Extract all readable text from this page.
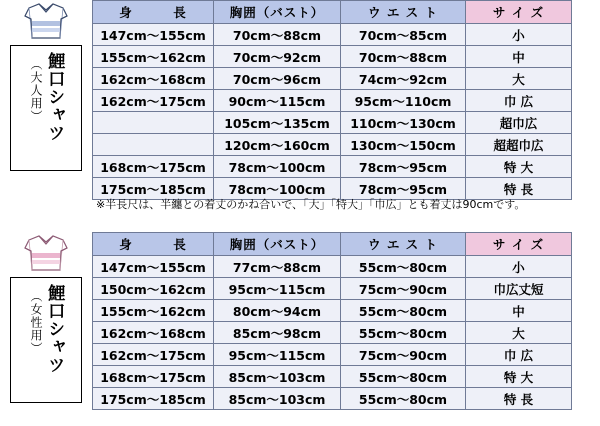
鯉口シャツ
（大人用）
身　　　長	胸囲（バスト）	ウ エ ス ト	サ イ ズ
147cm〜155cm	70cm〜88cm	70cm〜85cm	小
155cm〜162cm	70cm〜92cm	70cm〜88cm	中
162cm〜168cm	70cm〜96cm	74cm〜92cm	大
162cm〜175cm	90cm〜115cm	95cm〜110cm	巾 広
	105cm〜135cm	110cm〜130cm	超巾広
	120cm〜160cm	130cm〜150cm	超超巾広
168cm〜175cm	78cm〜100cm	78cm〜95cm	特 大
175cm〜185cm	78cm〜100cm	78cm〜95cm	特 長
※半長尺は、半纏との着丈のかね合いで、「大」「特大」「巾広」とも着丈は90cmです。
鯉口シャツ
（女性用）
身　　　長	胸囲（バスト）	ウ エ ス ト	サ イ ズ
147cm〜155cm	77cm〜88cm	55cm〜80cm	小
150cm〜162cm	95cm〜115cm	75cm〜90cm	巾広丈短
155cm〜162cm	80cm〜94cm	55cm〜80cm	中
162cm〜168cm	85cm〜98cm	55cm〜80cm	大
162cm〜175cm	95cm〜115cm	75cm〜90cm	巾 広
168cm〜175cm	85cm〜103cm	55cm〜80cm	特 大
175cm〜185cm	85cm〜103cm	55cm〜80cm	特 長
